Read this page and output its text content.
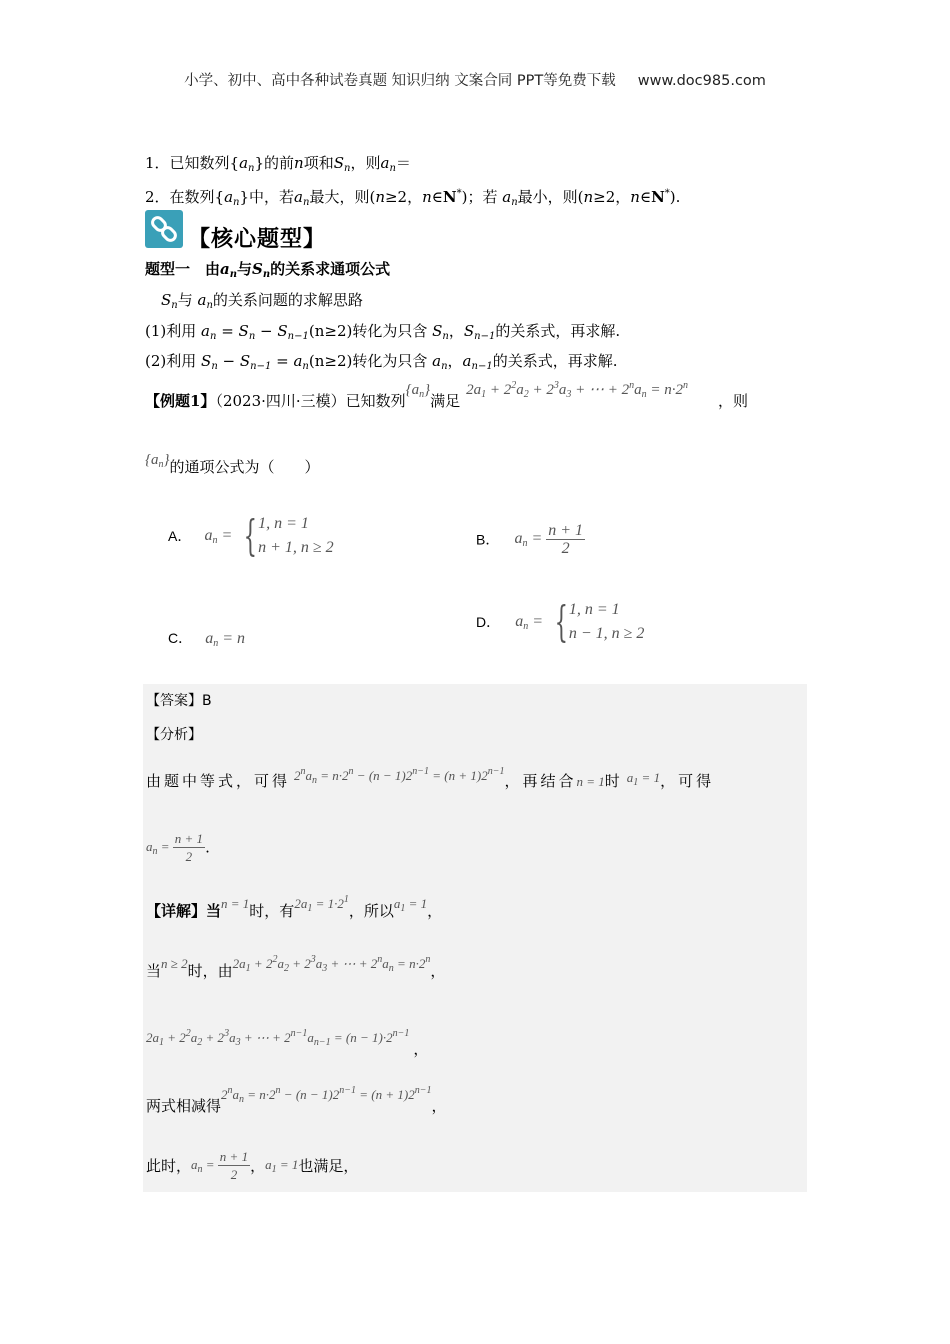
小学、初中、高中各种试卷真题 知识归纳 文案合同 PPT等免费下载 www.doc985.com
1．已知数列$\{a_n\}$的前n项和$S_n$，则$a_n=$
2．在数列$\{a_n\}$中，若$a_n$最大，则(n≥2，n∈N*)；若 $a_n$最小，则(n≥2，n∈N*).
【核心题型】
题型一　由$a_n$与$S_n$的关系求通项公式
$S_n$与 $a_n$的关系问题的求解思路
(1)利用 $a_n = S_n - S_{n-1}(n\ge 2)$转化为只含 $S_n$，$S_{n-1}$的关系式，再求解.
(2)利用 $S_n - S_{n-1} = a_n(n\ge 2)$转化为只含 $a_n$，$a_{n-1}$的关系式，再求解.
【例题1】（2023·四川·三模）已知数列$\{a_n\}$满足$2a_1 + 2^2a_2 + 2^3a_3$ + ⋯ + $2^na_n = n\cdot 2^n$，则
$\{a_n\}$的通项公式为（　　）
A． $a_n$ = { 1, n = 1
n + 1, n ≥ 2	B． $a_n = \frac{n + 1}{2}$
C． $a_n = n$
D． $a_n$ = { 1, n = 1
n − 1, n ≥ 2
【答案】B
【分析】
由题中等式，可得 $2^na_n = n\cdot 2^n - (n - 1)2^{n-1} = (n + 1)2^{n-1}$，再结合n = 1时 $a_1 = 1$，可得
$a_n = \frac{n + 1}{2}$ .
【详解】当n = 1时，有$2a_1 = 1\cdot 2^1$，所以$a_1 = 1$，
当n ≥ 2时，由$2a_1 + 2^2a_2 + 2^3a_3$ + ⋯ + $2^na_n = n\cdot 2^n$，
$2a_1 + 2^2a_2 + 2^3a_3$ + ⋯ + $2^{n-1}a_{n-1} = (n - 1)\cdot 2^{n-1}$，
两式相减得$2^na_n = n\cdot 2^n - (n - 1)2^{n-1} = (n + 1)2^{n-1}$，
此时，$a_n = \frac{n + 1}{2}$ ，$a_1 = 1$也满足，
